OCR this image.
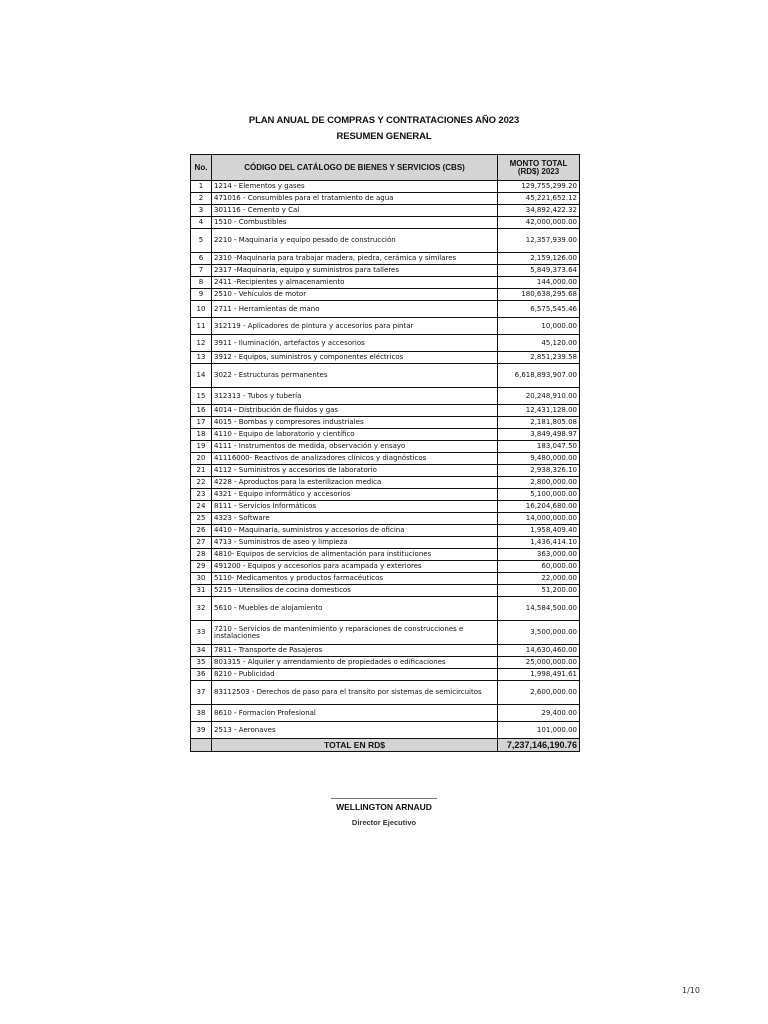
PLAN ANUAL DE COMPRAS Y CONTRATACIONES AÑO 2023
RESUMEN GENERAL
No.	CÓDIGO DEL CATÁLOGO DE BIENES Y SERVICIOS (CBS)	MONTO TOTAL
(RD$) 2023

1	1214 - Elementos y gases	129,755,299.20
2	471016 - Consumibles para el tratamiento de agua	45,221,652.12
3	301116 - Cemento y Cal	34,892,422.32
4	1510 - Combustibles	42,000,000.00
5	2210 - Maquinaria y equipo pesado de construcción	12,357,939.00
6	2310 -Maquinaria para trabajar madera, piedra, cerámica y similares	2,159,126.00
7	2317 -Maquinaria, equipo y suministros para talleres	5,849,373.64
8	2411 -Recipientes y almacenamiento	144,000.00
9	2510 - Vehículos de motor	180,638,295.68
10	2711 - Herramientas de mano	6,575,545.46
11	312119 - Aplicadores de pintura y accesorios para pintar	10,000.00
12	3911 - Iluminación, artefactos y accesorios	45,120.00
13	3912 - Equipos, suministros y componentes eléctricos	2,851,239.58
14	3022 - Estructuras permanentes	6,618,893,907.00
15	312313 - Tubos y tubería	20,248,910.00
16	4014 - Distribución de fluidos y gas	12,431,128.00
17	4015 - Bombas y compresores industriales	2,181,805.08
18	4110 - Equipo de laboratorio y científico	3,849,498.97
19	4111 - Instrumentos de medida, observación y ensayo	183,047.50
20	41116000- Reactivos de analizadores clínicos y diagnósticos	9,480,000.00
21	4112 - Suministros y accesorios de laboratorio	2,938,326.10
22	4228 - Aproductos para la esterilizacion medica	2,800,000.00
23	4321 - Equipo informático y accesorios	5,100,000.00
24	8111 - Servicios Informáticos	16,204,680.00
25	4323 - Software	14,000,000.00
26	4410 - Maquinaria, suministros y accesorios de oficina	1,958,409.40
27	4713 - Suministros de aseo y limpieza	1,436,414.10
28	4810- Equipos de servicios de alimentación para instituciones	363,000.00
29	491200 - Equipos y accesorios para acampada y exteriores	60,000.00
30	5110- Medicamentos y productos farmacéuticos	22,000.00
31	5215 - Utensilios de cocina domesticos	51,200.00
32	5610 - Muebles de alojamiento	14,584,500.00
33	7210 - Servicios de mantenimiento y reparaciones de construcciones e instalaciones	3,500,000.00
34	7811 - Transporte de Pasajeros	14,630,460.00
35	801315 - Alquiler y arrendamiento de propiedades o edificaciones	25,000,000.00
36	8210 - Publicidad	1,998,491.61
37	83112503 - Derechos de paso para el transito por sistemas de semicircuitos	2,600,000.00
38	8610 - Formacion Profesional	29,400.00
39	2513 - Aeronaves	101,000.00
	TOTAL EN RD$	7,237,146,190.76
WELLINGTON ARNAUD
Director Ejecutivo
1/10
